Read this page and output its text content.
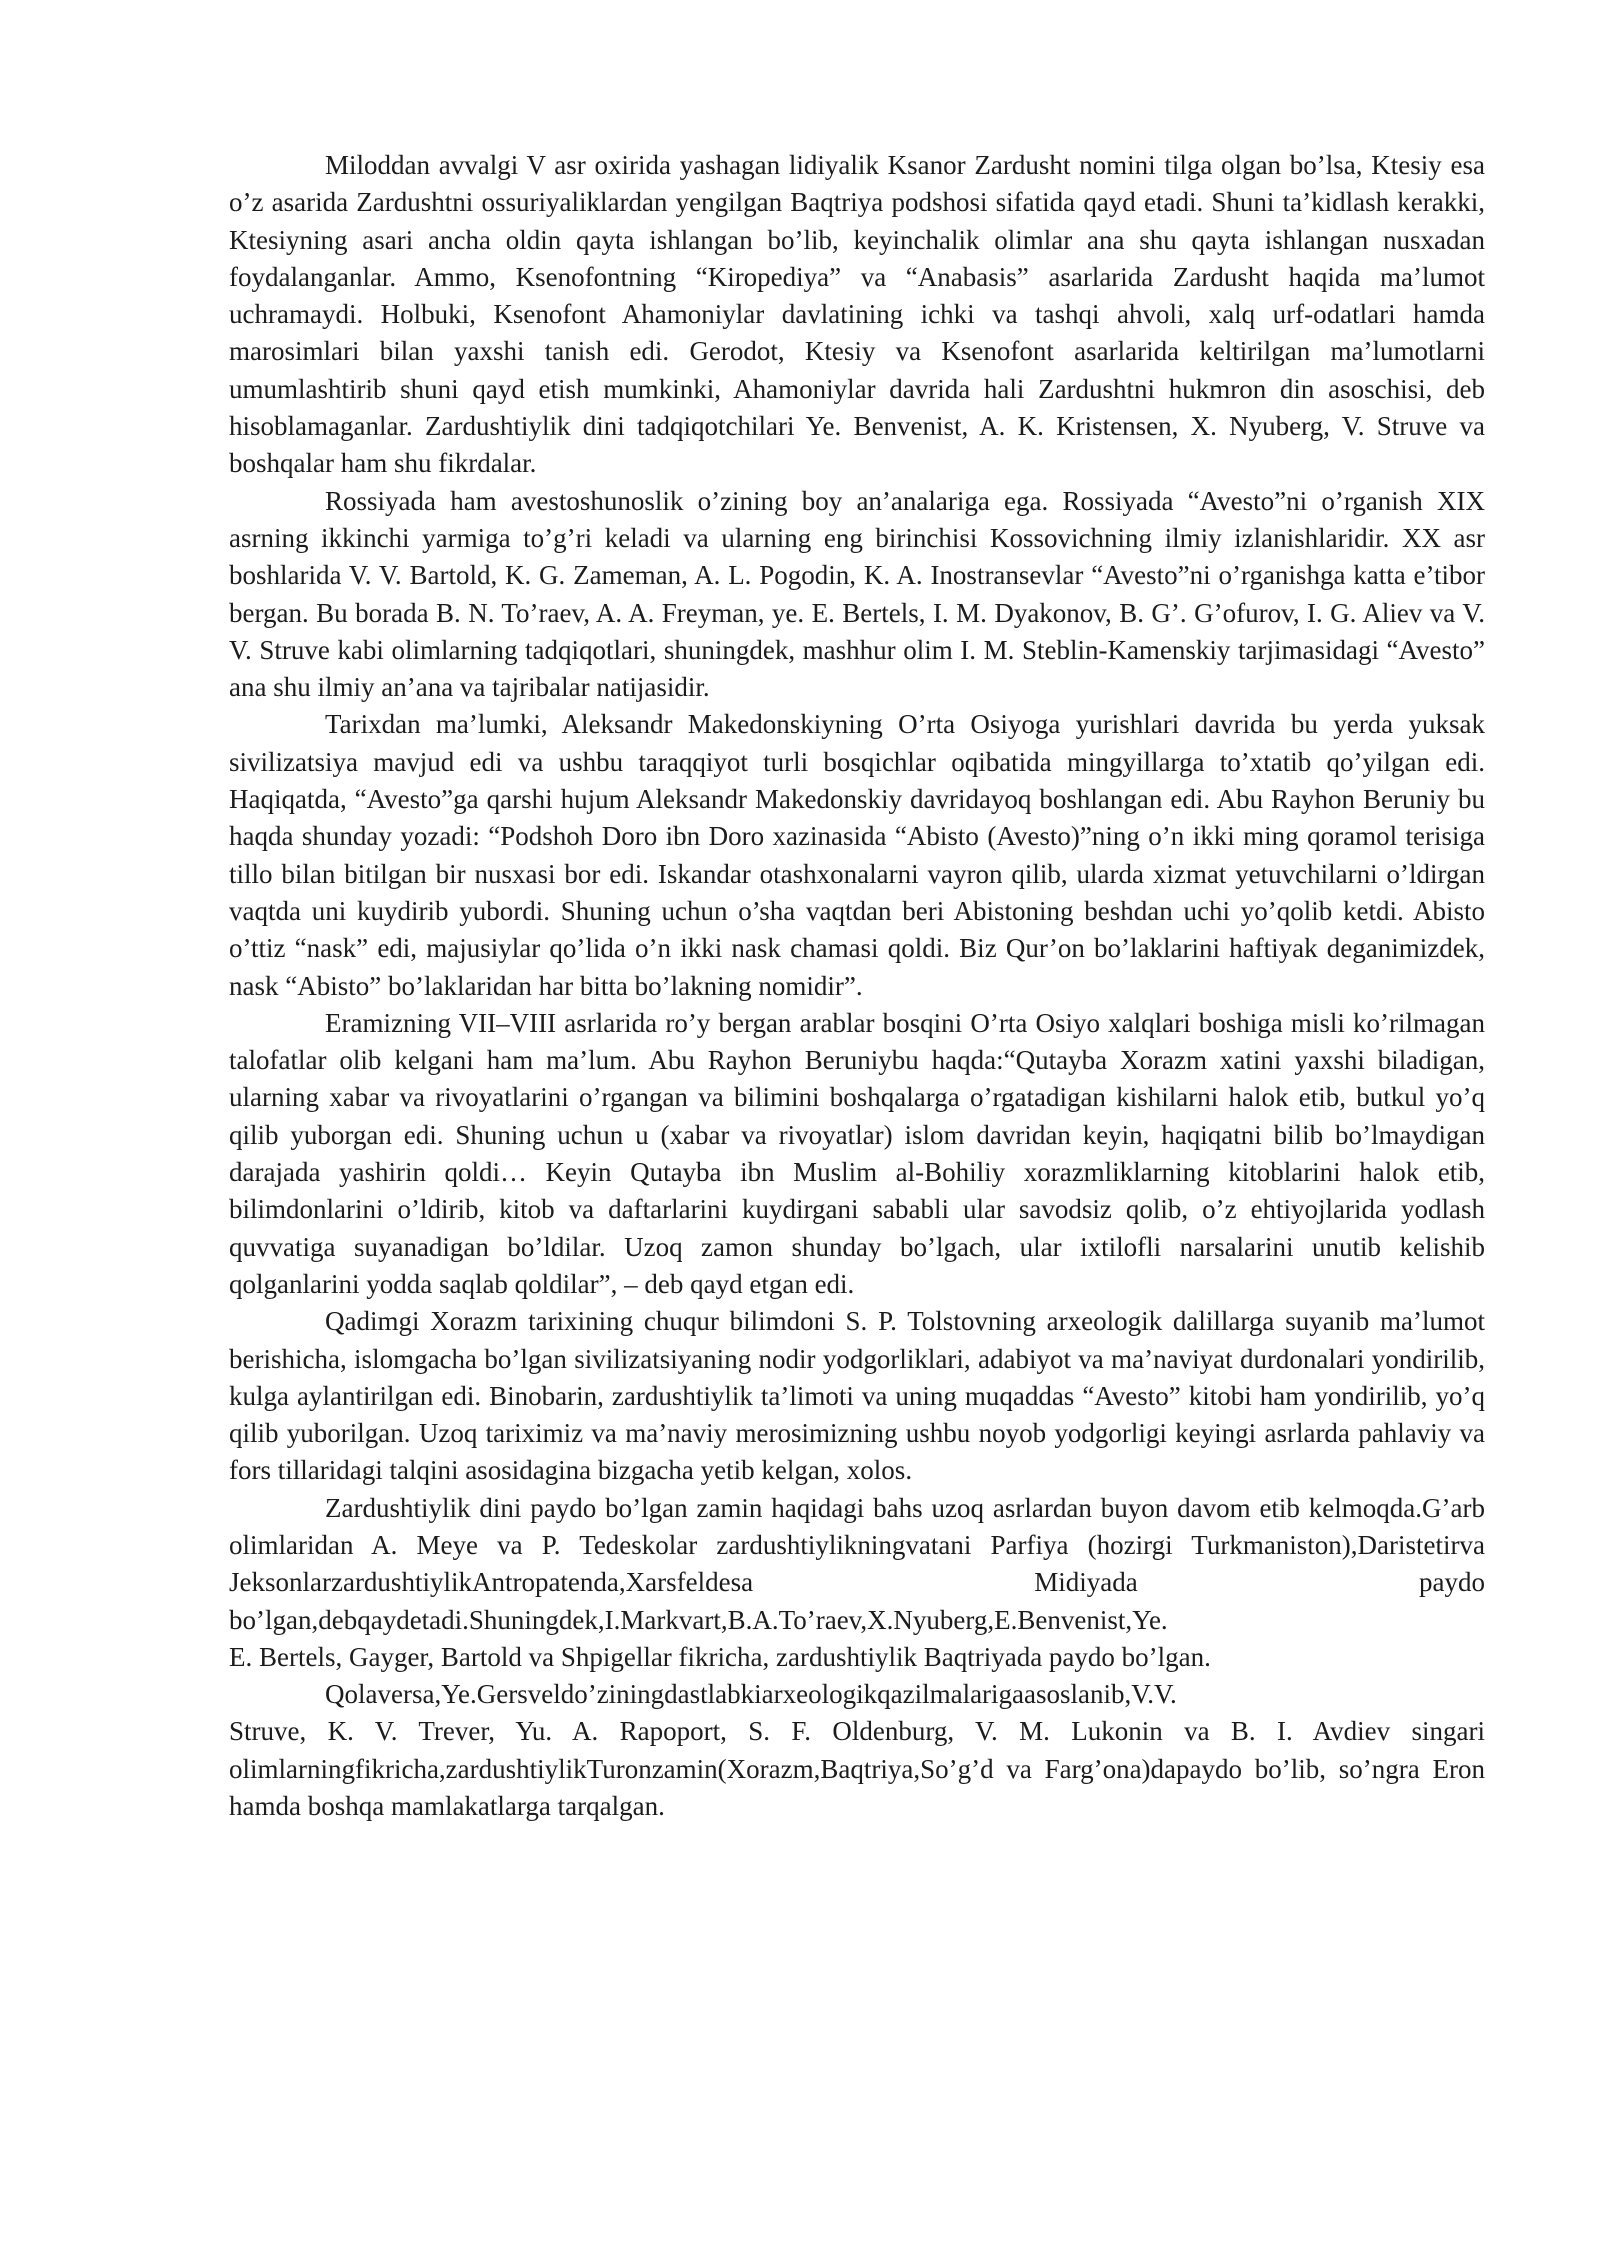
Miloddan avvalgi V asr oxirida yashagan lidiyalik Ksanor Zardusht nomini tilga olgan bo’lsa, Ktesiy esa o’z asarida Zardushtni ossuriyaliklardan yengilgan Baqtriya podshosi sifatida qayd etadi. Shuni ta’kidlash kerakki, Ktesiyning asari ancha oldin qayta ishlangan bo’lib, keyinchalik olimlar ana shu qayta ishlangan nusxadan foydalanganlar. Ammo, Ksenofontning “Kiropediya” va “Anabasis” asarlarida Zardusht haqida ma’lumot uchramaydi. Holbuki, Ksenofont Ahamoniylar davlatining ichki va tashqi ahvoli, xalq urf-odatlari hamda marosimlari bilan yaxshi tanish edi. Gerodot, Ktesiy va Ksenofont asarlarida keltirilgan ma’lumotlarni umumlashtirib shuni qayd etish mumkinki, Ahamoniylar davrida hali Zardushtni hukmron din asoschisi, deb hisoblamaganlar. Zardushtiylik dini tadqiqotchilari Ye. Benvenist, A. K. Kristensen, X. Nyuberg, V. Struve va boshqalar ham shu fikrdalar.

Rossiyada ham avestoshunoslik o’zining boy an’analariga ega. Rossiyada “Avesto”ni o’rganish XIX asrning ikkinchi yarmiga to’g’ri keladi va ularning eng birinchisi Kossovichning ilmiy izlanishlaridir. XX asr boshlarida V. V. Bartold, K. G. Zameman, A. L. Pogodin, K. A. Inostransevlar “Avesto”ni o’rganishga katta e’tibor bergan. Bu borada B. N. To’raev, A. A. Freyman, ye. E. Bertels, I. M. Dyakonov, B. G’. G’ofurov, I. G. Aliev va V. V. Struve kabi olimlarning tadqiqotlari, shuningdek, mashhur olim I. M. Steblin-Kamenskiy tarjimasidagi “Avesto” ana shu ilmiy an’ana va tajribalar natijasidir.

Tarixdan ma’lumki, Aleksandr Makedonskiyning O’rta Osiyoga yurishlari davrida bu yerda yuksak sivilizatsiya mavjud edi va ushbu taraqqiyot turli bosqichlar oqibatida mingyillarga to’xtatib qo’yilgan edi. Haqiqatda, “Avesto”ga qarshi hujum Aleksandr Makedonskiy davridayoq boshlangan edi. Abu Rayhon Beruniy bu haqda shunday yozadi: “Podshoh Doro ibn Doro xazinasida “Abisto (Avesto)”ning o’n ikki ming qoramol terisiga tillo bilan bitilgan bir nusxasi bor edi. Iskandar otashxonalarni vayron qilib, ularda xizmat yetuvchilarni o’ldirgan vaqtda uni kuydirib yubordi. Shuning uchun o’sha vaqtdan beri Abistoning beshdan uchi yo’qolib ketdi. Abisto o’ttiz “nask” edi, majusiylar qo’lida o’n ikki nask chamasi qoldi. Biz Qur’on bo’laklarini haftiyak deganimizdek, nask “Abisto” bo’laklaridan har bitta bo’lakning nomidir”.

Eramizning VII–VIII asrlarida ro’y bergan arablar bosqini O’rta Osiyo xalqlari boshiga misli ko’rilmagan talofatlar olib kelgani ham ma’lum. Abu Rayhon Beruniybu haqda:“Qutayba Xorazm xatini yaxshi biladigan, ularning xabar va rivoyatlarini o’rgangan va bilimini boshqalarga o’rgatadigan kishilarni halok etib, butkul yo’q qilib yuborgan edi. Shuning uchun u (xabar va rivoyatlar) islom davridan keyin, haqiqatni bilib bo’lmaydigan darajada yashirin qoldi… Keyin Qutayba ibn Muslim al-Bohiliy xorazmliklarning kitoblarini halok etib, bilimdonlarini o’ldirib, kitob va daftarlarini kuydirgani sababli ular savodsiz qolib, o’z ehtiyojlarida yodlash quvvatiga suyanadigan bo’ldilar. Uzoq zamon shunday bo’lgach, ular ixtilofli narsalarini unutib kelishib qolganlarini yodda saqlab qoldilar”, – deb qayd etgan edi.

Qadimgi Xorazm tarixining chuqur bilimdoni S. P. Tolstovning arxeologik dalillarga suyanib ma’lumot berishicha, islomgacha bo’lgan sivilizatsiyaning nodir yodgorliklari, adabiyot va ma’naviyat durdonalari yondirilib, kulga aylantirilgan edi. Binobarin, zardushtiylik ta’limoti va uning muqaddas “Avesto” kitobi ham yondirilib, yo’q qilib yuborilgan. Uzoq tariximiz va ma’naviy merosimizning ushbu noyob yodgorligi keyingi asrlarda pahlaviy va fors tillaridagi talqini asosidagina bizgacha yetib kelgan, xolos.

Zardushtiylik dini paydo bo’lgan zamin haqidagi bahs uzoq asrlardan buyon davom etib kelmoqda.G’arb olimlaridan A. Meye va P. Tedeskolar zardushtiylikningvatani Parfiya (hozirgi Turkmaniston),Daristetirva JeksonlarzardushtiylikAntropatenda,Xarsfeldesa Midiyada paydo bo’lgan,debqaydetadi.Shuningdek,I.Markvart,B.A.To’raev,X.Nyuberg,E.Benvenist,Ye.

E. Bertels, Gayger, Bartold va Shpigellar fikricha, zardushtiylik Baqtriyada paydo bo’lgan.

Qolaversa,Ye.Gersveldo’ziningdastlabkiarxeologikqazilmalarigaasoslanib,V.V.

Struve, K. V. Trever, Yu. A. Rapoport, S. F. Oldenburg, V. M. Lukonin va B. I. Avdiev singari olimlarningfikricha,zardushtiylikTuronzamin(Xorazm,Baqtriya,So’g’d va Farg’ona)dapaydo bo’lib, so’ngra Eron hamda boshqa mamlakatlarga tarqalgan.
